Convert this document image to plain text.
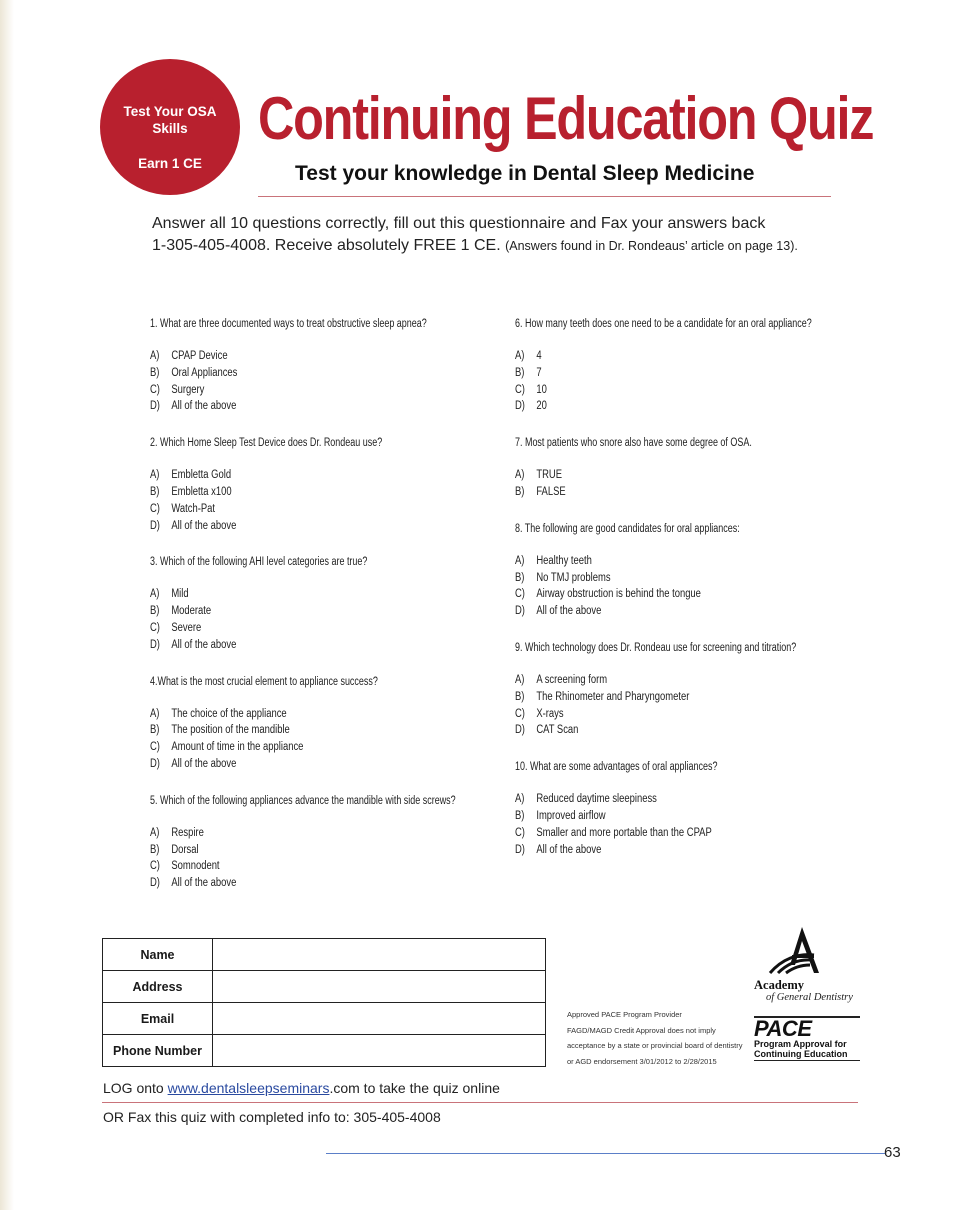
Test Your OSA
Skills
Earn 1 CE
Continuing Education Quiz
Test your knowledge in Dental Sleep Medicine
Answer all 10 questions correctly, fill out this questionnaire and Fax your answers back
1-305-405-4008. Receive absolutely FREE 1 CE. (Answers found in Dr. Rondeaus’ article on page 13).
1. What are three documented ways to treat obstructive sleep apnea?
A) CPAP Device
B) Oral Appliances
C) Surgery
D) All of the above
2. Which Home Sleep Test Device does Dr. Rondeau use?
A) Embletta Gold
B) Embletta x100
C) Watch-Pat
D) All of the above
3. Which of the following AHI level categories are true?
A) Mild
B) Moderate
C) Severe
D) All of the above
4.What is the most crucial element to appliance success?
A) The choice of the appliance
B) The position of the mandible
C) Amount of time in the appliance
D) All of the above
5. Which of the following appliances advance the mandible with side screws?
A) Respire
B) Dorsal
C) Somnodent
D) All of the above
6. How many teeth does one need to be a candidate for an oral appliance?
A) 4
B) 7
C) 10
D) 20
7. Most patients who snore also have some degree of OSA.
A) TRUE
B) FALSE
8. The following are good candidates for oral appliances:
A) Healthy teeth
B) No TMJ problems
C) Airway obstruction is behind the tongue
D) All of the above
9. Which technology does Dr. Rondeau use for screening and titration?
A) A screening form
B) The Rhinometer and Pharyngometer
C) X-rays
D) CAT Scan
10. What are some advantages of oral appliances?
A) Reduced daytime sleepiness
B) Improved airflow
C) Smaller and more portable than the CPAP
D) All of the above
Name	
Address	
Email	
Phone Number	
Approved PACE Program Provider
FAGD/MAGD Credit Approval does not imply
acceptance by a state or provincial board of dentistry
or AGD endorsement 3/01/2012 to 2/28/2015
Academy
of General Dentistry
PACE
Program Approval for
Continuing Education
LOG onto www.dentalsleepseminars.com to take the quiz online
OR Fax this quiz with completed info to: 305-405-4008
63
